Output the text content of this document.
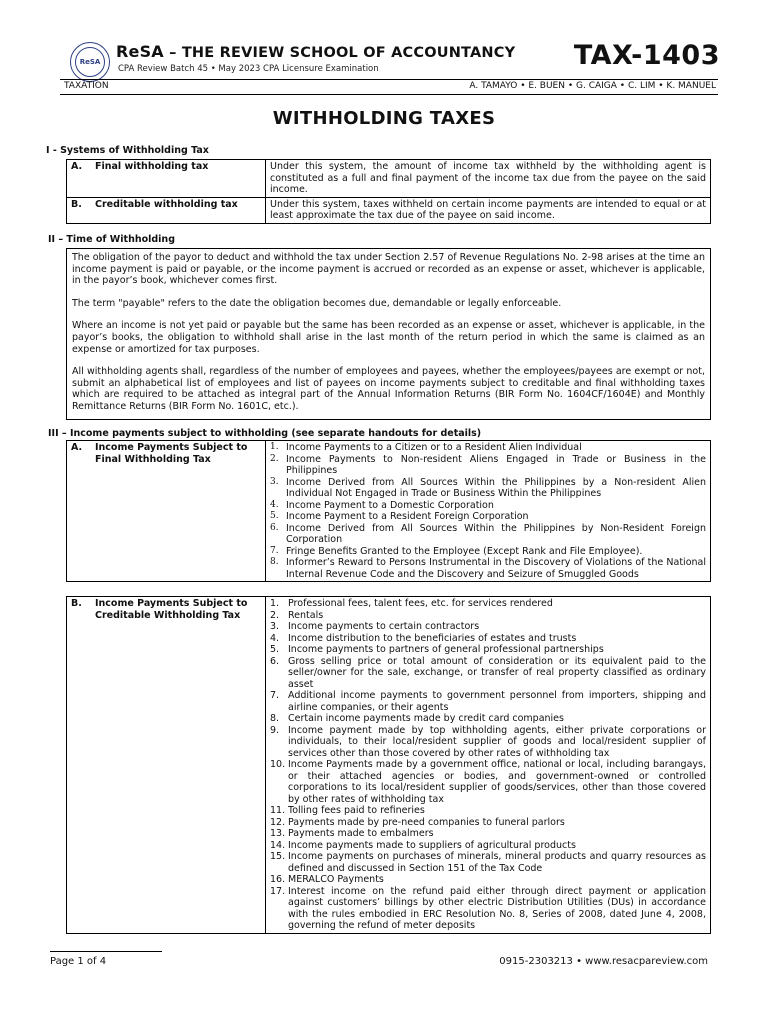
ReSA
ReSA – THE REVIEW SCHOOL OF ACCOUNTANCY
CPA Review Batch 45 • May 2023 CPA Licensure Examination	TAX-1403
TAXATION	A. TAMAYO • E. BUEN • G. CAIGA • C. LIM • K. MANUEL
WITHHOLDING TAXES
I - Systems of Withholding Tax
A. Final withholding tax	Under this system, the amount of income tax withheld by the withholding agent is constituted as a full and final payment of the income tax due from the payee on the said income.
B. Creditable withholding tax	Under this system, taxes withheld on certain income payments are intended to equal or at least approximate the tax due of the payee on said income.
II – Time of Withholding

The obligation of the payor to deduct and withhold the tax under Section 2.57 of Revenue Regulations No. 2-98 arises at the time an income payment is paid or payable, or the income payment is accrued or recorded as an expense or asset, whichever is applicable, in the payor’s book, whichever comes first.

The term "payable" refers to the date the obligation becomes due, demandable or legally enforceable.

Where an income is not yet paid or payable but the same has been recorded as an expense or asset, whichever is applicable, in the payor’s books, the obligation to withhold shall arise in the last month of the return period in which the same is claimed as an expense or amortized for tax purposes.

All withholding agents shall, regardless of the number of employees and payees, whether the employees/payees are exempt or not, submit an alphabetical list of employees and list of payees on income payments subject to creditable and final withholding taxes which are required to be attached as integral part of the Annual Information Returns (BIR Form No. 1604CF/1604E) and Monthly Remittance Returns (BIR Form No. 1601C, etc.).

III – Income payments subject to withholding (see separate handouts for details)
A.	Income Payments Subject to Final Withholding Tax

1. Income Payments to a Citizen or to a Resident Alien Individual
2. Income Payments to Non-resident Aliens Engaged in Trade or Business in the Philippines
3. Income Derived from All Sources Within the Philippines by a Non-resident Alien Individual Not Engaged in Trade or Business Within the Philippines
4. Income Payment to a Domestic Corporation
5. Income Payment to a Resident Foreign Corporation
6. Income Derived from All Sources Within the Philippines by Non-Resident Foreign Corporation
7. Fringe Benefits Granted to the Employee (Except Rank and File Employee).
8. Informer’s Reward to Persons Instrumental in the Discovery of Violations of the National Internal Revenue Code and the Discovery and Seizure of Smuggled Goods
B.	Income Payments Subject to Creditable Withholding Tax

1. Professional fees, talent fees, etc. for services rendered
2. Rentals
3. Income payments to certain contractors
4. Income distribution to the beneficiaries of estates and trusts
5. Income payments to partners of general professional partnerships
6. Gross selling price or total amount of consideration or its equivalent paid to the seller/owner for the sale, exchange, or transfer of real property classified as ordinary asset
7. Additional income payments to government personnel from importers, shipping and airline companies, or their agents
8. Certain income payments made by credit card companies
9. Income payment made by top withholding agents, either private corporations or individuals, to their local/resident supplier of goods and local/resident supplier of services other than those covered by other rates of withholding tax
10. Income Payments made by a government office, national or local, including barangays, or their attached agencies or bodies, and government-owned or controlled corporations to its local/resident supplier of goods/services, other than those covered by other rates of withholding tax
11. Tolling fees paid to refineries
12. Payments made by pre-need companies to funeral parlors
13. Payments made to embalmers
14. Income payments made to suppliers of agricultural products
15. Income payments on purchases of minerals, mineral products and quarry resources as defined and discussed in Section 151 of the Tax Code
16. MERALCO Payments
17. Interest income on the refund paid either through direct payment or application against customers’ billings by other electric Distribution Utilities (DUs) in accordance with the rules embodied in ERC Resolution No. 8, Series of 2008, dated June 4, 2008, governing the refund of meter deposits
Page 1 of 4	0915-2303213 • www.resacpareview.com
